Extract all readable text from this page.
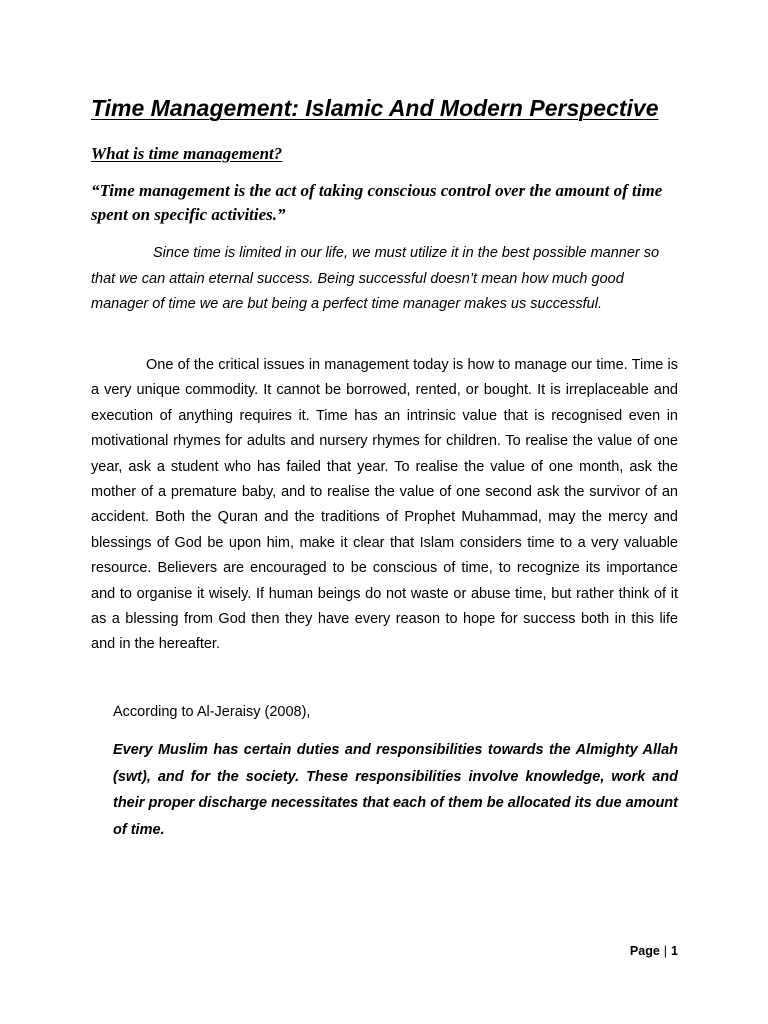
Time Management: Islamic And Modern Perspective
What is time management?

“Time management is the act of taking conscious control over the amount of time spent on specific activities.”

Since time is limited in our life, we must utilize it in the best possible manner so that we can attain eternal success. Being successful doesn’t mean how much good manager of time we are but being a perfect time manager makes us successful.

One of the critical issues in management today is how to manage our time. Time is a very unique commodity. It cannot be borrowed, rented, or bought. It is irreplaceable and execution of anything requires it. Time has an intrinsic value that is recognised even in motivational rhymes for adults and nursery rhymes for children. To realise the value of one year, ask a student who has failed that year. To realise the value of one month, ask the mother of a premature baby, and to realise the value of one second ask the survivor of an accident. Both the Quran and the traditions of Prophet Muhammad, may the mercy and blessings of God be upon him, make it clear that Islam considers time to a very valuable resource. Believers are encouraged to be conscious of time, to recognize its importance and to organise it wisely. If human beings do not waste or abuse time, but rather think of it as a blessing from God then they have every reason to hope for success both in this life and in the hereafter.

According to Al-Jeraisy (2008),

Every Muslim has certain duties and responsibilities towards the Almighty Allah (swt), and for the society. These responsibilities involve knowledge, work and their proper discharge necessitates that each of them be allocated its due amount of time.

Page | 1
